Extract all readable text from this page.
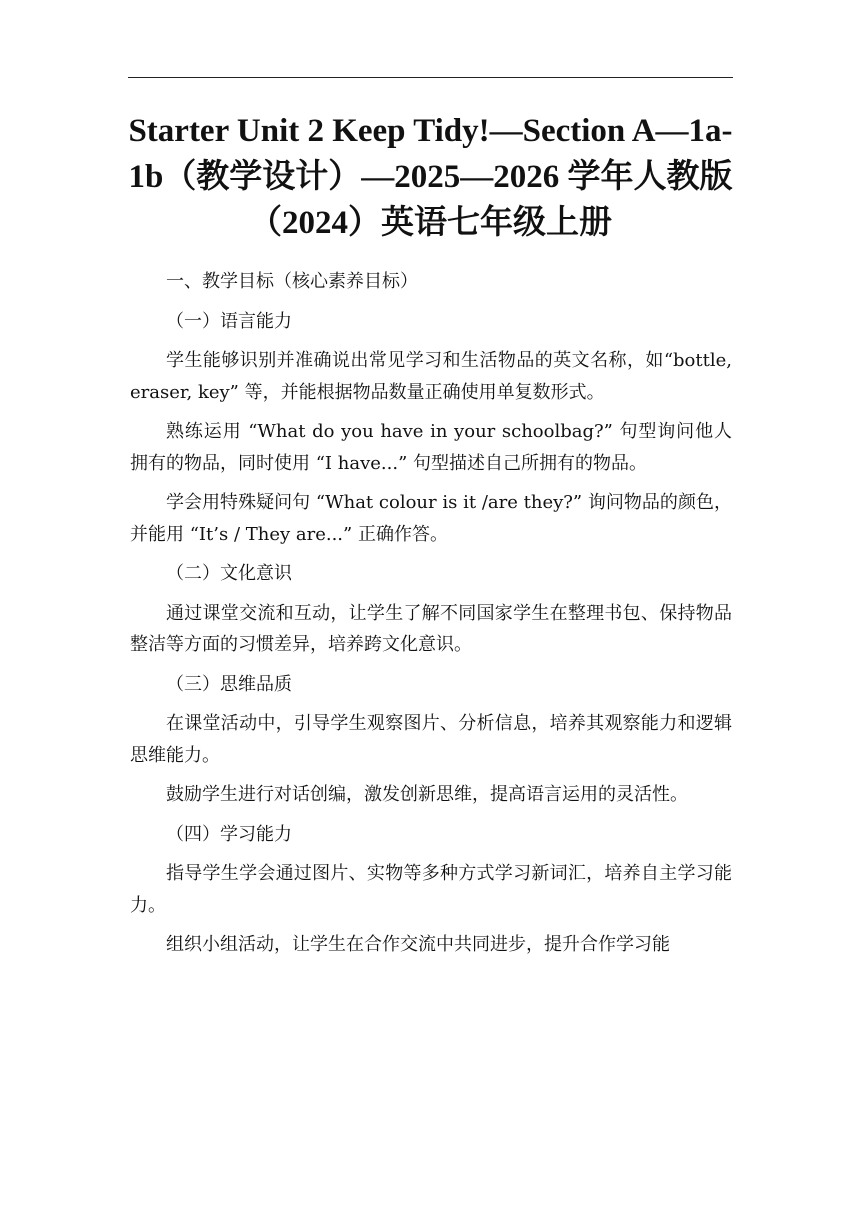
Starter Unit 2 Keep Tidy!—Section A—1a-1b（教学设计）—2025—2026 学年人教版（2024）英语七年级上册

一、教学目标（核心素养目标）

（一）语言能力

学生能够识别并准确说出常见学习和生活物品的英文名称，如“bottle, eraser, key” 等，并能根据物品数量正确使用单复数形式。

熟练运用 “What do you have in your schoolbag?” 句型询问他人拥有的物品，同时使用 “I have...” 句型描述自己所拥有的物品。

学会用特殊疑问句 “What colour is it /are they?” 询问物品的颜色，并能用 “It’s / They are...” 正确作答。

（二）文化意识

通过课堂交流和互动，让学生了解不同国家学生在整理书包、保持物品整洁等方面的习惯差异，培养跨文化意识。

（三）思维品质

在课堂活动中，引导学生观察图片、分析信息，培养其观察能力和逻辑思维能力。

鼓励学生进行对话创编，激发创新思维，提高语言运用的灵活性。

（四）学习能力

指导学生学会通过图片、实物等多种方式学习新词汇，培养自主学习能力。

组织小组活动，让学生在合作交流中共同进步，提升合作学习能
